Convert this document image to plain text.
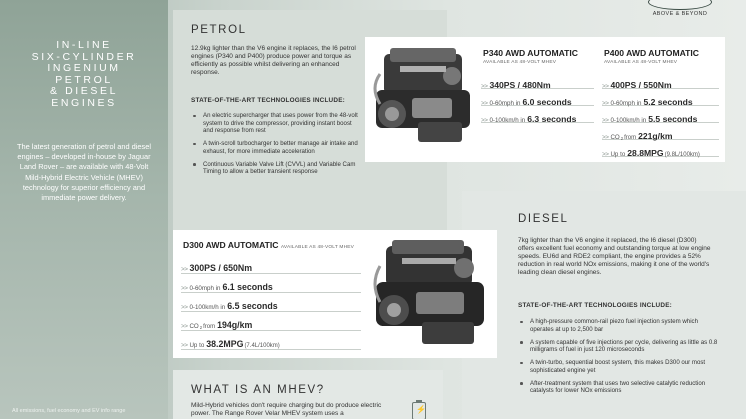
IN-LINE
SIX-CYLINDER
INGENIUM
PETROL
& DIESEL
ENGINES
The latest generation of petrol and diesel engines – developed in-house by Jaguar Land Rover – are available with 48-Volt Mild-Hybrid Electric Vehicle (MHEV) technology for superior efficiency and immediate power delivery.
All emissions, fuel economy and EV info range
ABOVE & BEYOND
PETROL
12.9kg lighter than the V6 engine it replaces, the I6 petrol engines (P340 and P400) produce power and torque as efficiently as possible whilst delivering an enhanced response.
STATE-OF-THE-ART TECHNOLOGIES INCLUDE:
An electric supercharger that uses power from the 48-volt system to drive the compressor, providing instant boost and response from rest
A twin-scroll turbocharger to better manage air intake and exhaust, for more immediate acceleration
Continuous Variable Valve Lift (CVVL) and Variable Cam Timing to allow a better transient response
P340 AWD AUTOMATIC
AVAILABLE AS 48-VOLT MHEV
P400 AWD AUTOMATIC
AVAILABLE AS 48-VOLT MHEV
>> 340PS / 480Nm
>> 0-60mph in 6.0 seconds
>> 0-100km/h in 6.3 seconds
>> 400PS / 550Nm
>> 0-60mph in 5.2 seconds
>> 0-100km/h in 5.5 seconds
>> CO2from 221g/km
>> Up to 28.8MPG(9.8L/100km)
DIESEL
7kg lighter than the V6 engine it replaced, the I6 diesel (D300) offers excellent fuel economy and outstanding torque at low engine speeds. EU6d and RDE2 compliant, the engine provides a 52% reduction in real world NOx emissions, making it one of the world's leading clean diesel engines.
STATE-OF-THE-ART TECHNOLOGIES INCLUDE:
A high-pressure common-rail piezo fuel injection system which operates at up to 2,500 bar
A system capable of five injections per cycle, delivering as little as 0.8 milligrams of fuel in just 120 microseconds
A twin-turbo, sequential boost system, this makes D300 our most sophisticated engine yet
After-treatment system that uses two selective catalytic reduction catalysts for lower NOx emissions
D300 AWD AUTOMATIC AVAILABLE AS 48-VOLT MHEV
>> 300PS / 650Nm
>> 0-60mph in 6.1 seconds
>> 0-100km/h in 6.5 seconds
>> CO2from 194g/km
>> Up to 38.2MPG(7.4L/100km)
WHAT IS AN MHEV?
Mild-Hybrid vehicles don't require charging but do produce electric power. The Range Rover Velar MHEV system uses a	⚡
